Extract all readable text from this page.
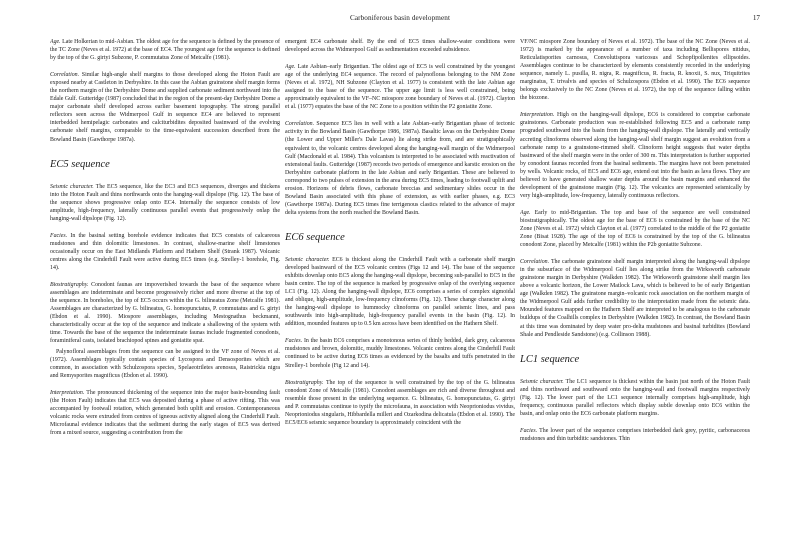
Carboniferous basin development	17

Age. Late Holkerian to mid-Asbian. The oldest age for the sequence is defined by the presence of the TC Zone (Neves et al. 1972) at the base of EC4. The youngest age for the sequence is defined by the top of the G. girtyi Subzone, P. commutatus Zone of Metcalfe (1981).

Correlation. Similar high-angle shelf margins to those developed along the Hoton Fault are exposed nearby at Castleton in Derbyshire. In this case the Asbian grainstone shelf margin forms the northern margin of the Derbyshire Dome and supplied carbonate sediment northward into the Edale Gulf. Gutteridge (1987) concluded that in the region of the present-day Derbyshire Dome a major carbonate shelf developed across earlier basement topography. The strong parallel reflectors seen across the Widmerpool Gulf in sequence EC4 are believed to represent interbedded hemipelagic carbonates and calciturbidites deposited basinward of the evolving carbonate shelf margins, comparable to the time-equivalent succession described from the Bowland Basin (Gawthorpe 1987a).

EC5 sequence

Seismic character. The EC5 sequence, like the EC3 and EC3 sequences, diverges and thickens into the Hoton Fault and thins northwards onto the hanging-wall dipslope (Fig. 12). The base of the sequence shows progressive onlap onto EC4. Internally the sequence consists of low amplitude, high-frequency, laterally continuous parallel events that progressively onlap the hanging-wall dipslope (Fig. 12).

Facies. In the basinal setting borehole evidence indicates that EC5 consists of calcareous mudstones and thin dolomitic limestones. In contrast, shallow-marine shelf limestones occasionally occur on the East Midlands Platform and Hathern Shelf (Strank 1987). Volcanic centres along the Cinderhill Fault were active during EC5 times (e.g. Strelley-1 borehole, Fig. 14).

Biostratigraphy. Conodont faunas are impoverished towards the base of the sequence where assemblages are indeterminate and become progressively richer and more diverse at the top of the sequence. In boreholes, the top of EC5 occurs within the G. bilineatus Zone (Metcalfe 1981). Assemblages are characterized by G. bilineatus, G. homopunctatus, P. commutatus and G. girtyi (Ebdon et al. 1990). Miospore assemblages, including Mestognathus beckmanni, characteristically occur at the top of the sequence and indicate a shallowing of the system with time. Towards the base of the sequence the indeterminate faunas include fragmented conodonts, foraminiferal casts, isolated brachiopod spines and goniatite spat.

Palynofloral assemblages from the sequence can be assigned to the VF zone of Neves et al. (1972). Assemblages typically contain species of Lycospora and Densosporites which are common, in association with Schulzospora species, Spelaeotriletes arenosus, Raistrickia nigra and Remysporites magnificus (Ebdon et al. 1990).

Interpretation. The pronounced thickening of the sequence into the major basin-bounding fault (the Hoton Fault) indicates that EC5 was deposited during a phase of active rifting. This was accompanied by footwall rotation, which generated both uplift and erosion. Contemporaneous volcanic rocks were extruded from centres of igneous activity aligned along the Cinderhill Fault. Microfaunal evidence indicates that the sediment during the early stages of EC5 was derived from a mixed source, suggesting a contribution from the

emergent EC4 carbonate shelf. By the end of EC5 times shallow-water conditions were developed across the Widmerpool Gulf as sedimentation exceeded subsidence.

Age. Late Asbian–early Brigantian. The oldest age of EC5 is well constrained by the youngest age of the underlying EC4 sequence. The record of palynofloras belonging to the NM Zone (Neves et al. 1972), NH Subzone (Clayton et al. 1977) is consistent with the late Asbian age assigned to the base of the sequence. The upper age limit is less well constrained, being approximately equivalent to the VF–NC miospore zone boundary of Neves et al. (1972). Clayton et al. (1977) equates the base of the NC Zone to a position within the P2 goniatite Zone.

Correlation. Sequence EC5 lies in well with a late Asbian–early Brigantian phase of tectonic activity in the Bowland Basin (Gawthorpe 1986, 1987a). Basaltic lavas on the Derbyshire Dome (the Lower and Upper Miller's Dale Lavas) lie along strike from, and are stratigraphically equivalent to, the volcanic centres developed along the hanging-wall margin of the Widmerpool Gulf (Macdonald et al. 1984). This volcanism is interpreted to be associated with reactivation of extensional faults. Gutteridge (1987) records two periods of emergence and karstic erosion on the Derbyshire carbonate platform in the late Asbian and early Brigantian. These are believed to correspond to two pulses of extension in the area during EC5 times, leading to footwall uplift and erosion. Horizons of debris flows, carbonate breccias and sedimentary slides occur in the Bowland Basin associated with this phase of extension, as with earlier phases, e.g. EC3 (Gawthorpe 1987a). During EC5 times fine terrigenous clastics related to the advance of major delta systems from the north reached the Bowland Basin.

EC6 sequence

Seismic character. EC6 is thickest along the Cinderhill Fault with a carbonate shelf margin developed basinward of the EC5 volcanic centres (Figs 12 and 14). The base of the sequence exhibits downlap onto EC5 along the hanging-wall dipslope, becoming sub-parallel to EC5 in the basin centre. The top of the sequence is marked by progressive onlap of the overlying sequence LC1 (Fig. 12). Along the hanging-wall dipslope, EC6 comprises a series of complex sigmoidal and oblique, high-amplitude, low-frequency clinoforms (Fig. 12). These change character along the hanging-wall dipslope to hummocky clinoforms on parallel seismic lines, and pass southwards into high-amplitude, high-frequency parallel events in the basin (Fig. 12). In addition, mounded features up to 0.5 km across have been identified on the Hathern Shelf.

Facies. In the basin EC6 comprises a monotonous series of thinly bedded, dark grey, calcareous mudstones and brown, dolomitic, muddy limestones. Volcanic centres along the Cinderhill Fault continued to be active during EC6 times as evidenced by the basalts and tuffs penetrated in the Strelley-1 borehole (Fig 12 and 14).

Biostratigraphy. The top of the sequence is well constrained by the top of the G. bilineatus conodont Zone of Metcalfe (1981). Conodont assemblages are rich and diverse throughout and resemble those present in the underlying sequence. G. bilineatus, G. homopunctatus, G. girtyi and P. commutatus continue to typify the microfauna, in association with Neoprioniodus vivtdus, Neoprioniodus singularis, Hibbardella milleri and Ozarkodina delicatula (Ebdon et al. 1990). The EC5/EC6 seismic sequence boundary is approximately coincident with the

VF/NC miospore Zone boundary of Neves et al. 1972). The base of the NC Zone (Neves et al. 1972) is marked by the appearance of a number of taxa including Bellispores nitidus, Reticulatisporites carnosus, Convolutispora varicosus and Schopfipollenites ellipsoides. Assemblages continue to be characterized by elements consistently recorded in the underlying sequence, namely L. pusilla, R. nigra, R. magnificus, R. fracta, R. knoxii, S. nux, Triquitrites marginatus, T. trivalvis and species of Schulzospora (Ebdon et al. 1990). The EC6 sequence belongs exclusively to the NC Zone (Neves et al. 1972), the top of the sequence falling within the biozone.

Interpretation. High on the hanging-wall dipslope, EC6 is considered to comprise carbonate grainstones. Carbonate production was re-established following EC5 and a carbonate ramp prograded southward into the basin from the hanging-wall dipslope. The laterally and vertically accreting clinoforms observed along the hanging-wall shelf margin suggest an evolution from a carbonate ramp to a grainstone-rimmed shelf. Clinoform height suggests that water depths basinward of the shelf margin were in the order of 300 m. This interpretation is further supported by conodont faunas recorded from the basinal sediments. The margins have not been penetrated by wells. Volcanic rocks, of EC5 and EC6 age, extend out into the basin as lava flows. They are believed to have generated shallow water depths around the basin margins and enhanced the development of the grainstone margin (Fig. 12). The volcanics are represented seismically by very high-amplitude, low-frequency, laterally continuous reflectors.

Age. Early to mid-Brigantian. The top and base of the sequence are well constrained biostratigraphically. The oldest age for the base of EC6 is constrained by the base of the NC Zone (Neves et al. 1972) which Clayton et al. (1977) correlated to the middle of the P2 goniatite Zone (Bisat 1928). The age of the top of EC6 is constrained by the top of the G. bilineatus conodont Zone, placed by Metcalfe (1981) within the P2b goniatite Subzone.

Correlation. The carbonate grainstone shelf margin interpreted along the hanging-wall dipslope in the subsurface of the Widmerpool Gulf lies along strike from the Wirksworth carbonate grainstone margin in Derbyshire (Walkden 1982). The Wirksworth grainstone shelf margin lies above a volcanic horizon, the Lower Matlock Lava, which is believed to be of early Brigantian age (Walkden 1982). The grainstone margin–volcanic rock association on the northern margin of the Widmerpool Gulf adds further credibility to the interpretation made from the seismic data. Mounded features mapped on the Hathern Shelf are interpreted to be analogous to the carbonate buildups of the Coalhills complex in Derbyshire (Walkden 1982). In contrast, the Bowland Basin at this time was dominated by deep water pro-delta mudstones and basinal turbidites (Bowland Shale and Pendleside Sandstone) (e.g. Collinson 1988).

LC1 sequence

Seismic character. The LC1 sequence is thickest within the basin just north of the Hoton Fault and thins northward and southward onto the hanging-wall and footwall margins respectively (Fig. 12). The lower part of the LC1 sequence internally comprises high-amplitude, high frequency, continuous parallel reflectors which display subtle downlap onto EC6 within the basin, and onlap onto the EC6 carbonate platform margins.

Facies. The lower part of the sequence comprises interbedded dark grey, pyritic, carbonaceous mudstones and thin turbiditic sandstones. Thin
